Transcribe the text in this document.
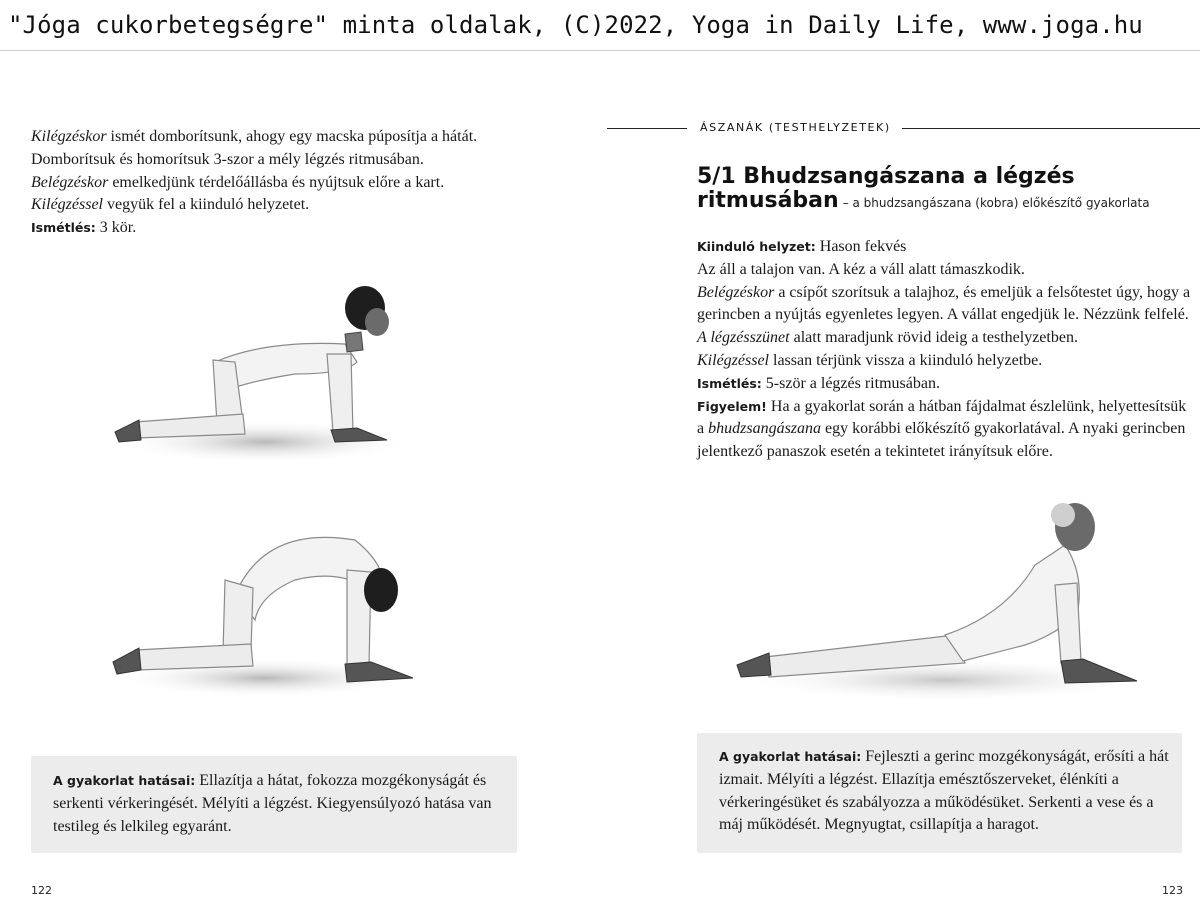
"Jóga cukorbetegségre" minta oldalak, (C)2022, Yoga in Daily Life, www.joga.hu
Kilégzéskor ismét domborítsunk, ahogy egy macska púposítja a hátát.
Domborítsuk és homorítsuk 3-szor a mély légzés ritmusában.
Belégzéskor emelkedjünk térdelőállásba és nyújtsuk előre a kart.
Kilégzéssel vegyük fel a kiinduló helyzetet.
Ismétlés: 3 kör.
A gyakorlat hatásai: Ellazítja a hátat, fokozza mozgékonyságát és serkenti vérkeringését. Mélyíti a légzést. Kiegyensúlyozó hatása van testileg és lelkileg egyaránt.
122
ÁSZANÁK (TESTHELYZETEK)
5/1 Bhudzsangászana a légzés
ritmusában – a bhudzsangászana (kobra) előkészítő gyakorlata
Kiinduló helyzet: Hason fekvés
Az áll a talajon van. A kéz a váll alatt támaszkodik.
Belégzéskor a csípőt szorítsuk a talajhoz, és emeljük a felsőtestet úgy, hogy a
gerincben a nyújtás egyenletes legyen. A vállat engedjük le. Nézzünk felfelé.
A légzésszünet alatt maradjunk rövid ideig a testhelyzetben.
Kilégzéssel lassan térjünk vissza a kiinduló helyzetbe.
Ismétlés: 5-ször a légzés ritmusában.
Figyelem! Ha a gyakorlat során a hátban fájdalmat észlelünk, helyettesítsük
a bhudzsangászana egy korábbi előkészítő gyakorlatával. A nyaki gerincben
jelentkező panaszok esetén a tekintetet irányítsuk előre.
A gyakorlat hatásai: Fejleszti a gerinc mozgékonyságát, erősíti a hát izmait. Mélyíti a légzést. Ellazítja emésztőszerveket, élénkíti a vérkeringésüket és szabályozza a működésüket. Serkenti a vese és a máj működését. Megnyugtat, csillapítja a haragot.
123
